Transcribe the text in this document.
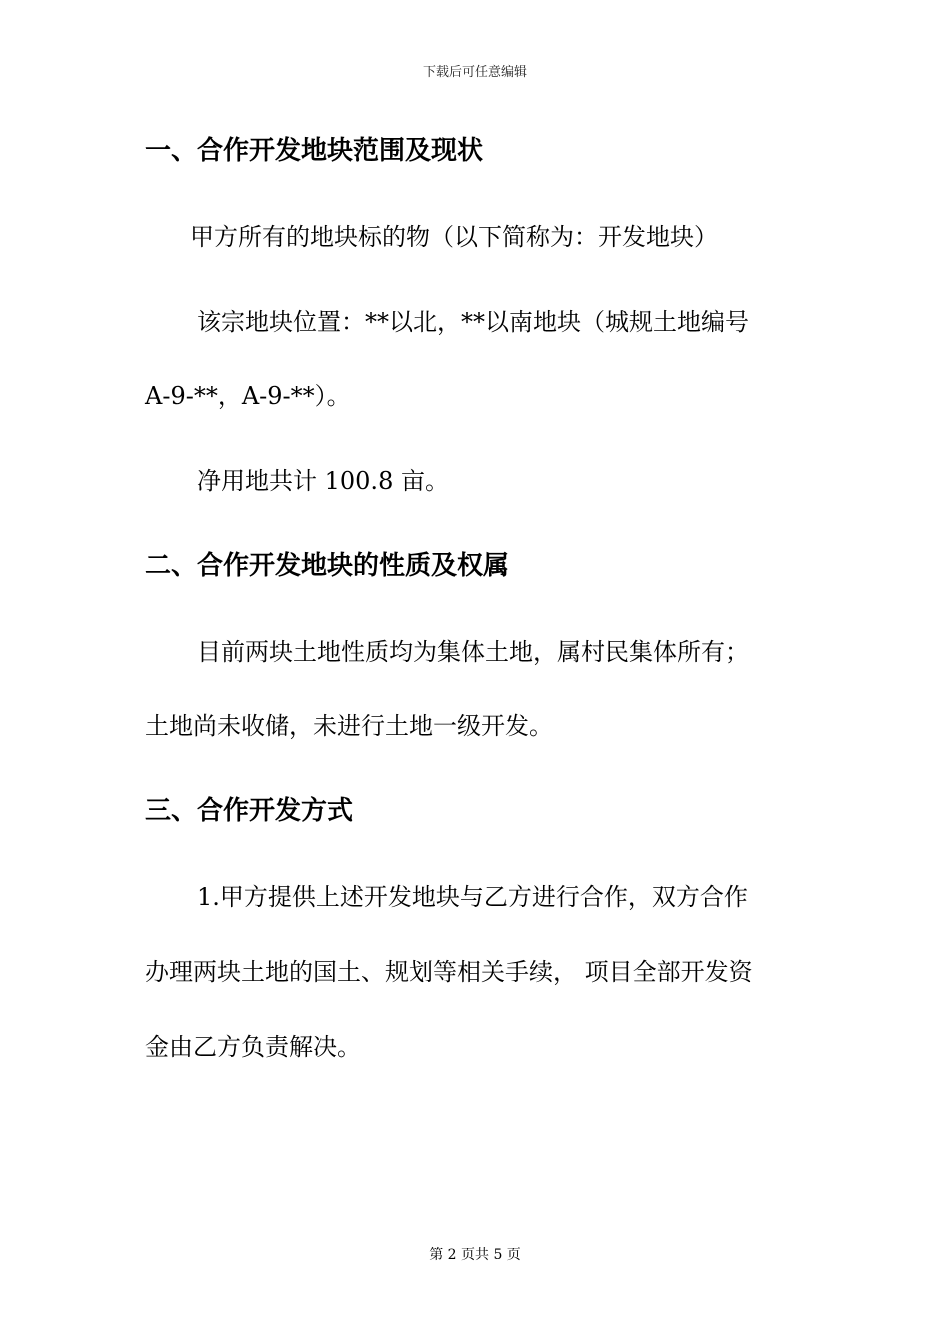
下载后可任意编辑
一、合作开发地块范围及现状
甲方所有的地块标的物（以下简称为：开发地块）
该宗地块位置：**以北，**以南地块（城规土地编号
A-9-**，A-9-**）。
净用地共计 100.8 亩。
二、合作开发地块的性质及权属
目前两块土地性质均为集体土地，属村民集体所有；
土地尚未收储，未进行土地一级开发。
三、合作开发方式
1.甲方提供上述开发地块与乙方进行合作，双方合作
办理两块土地的国土、规划等相关手续， 项目全部开发资
金由乙方负责解决。
第 2 页共 5 页
